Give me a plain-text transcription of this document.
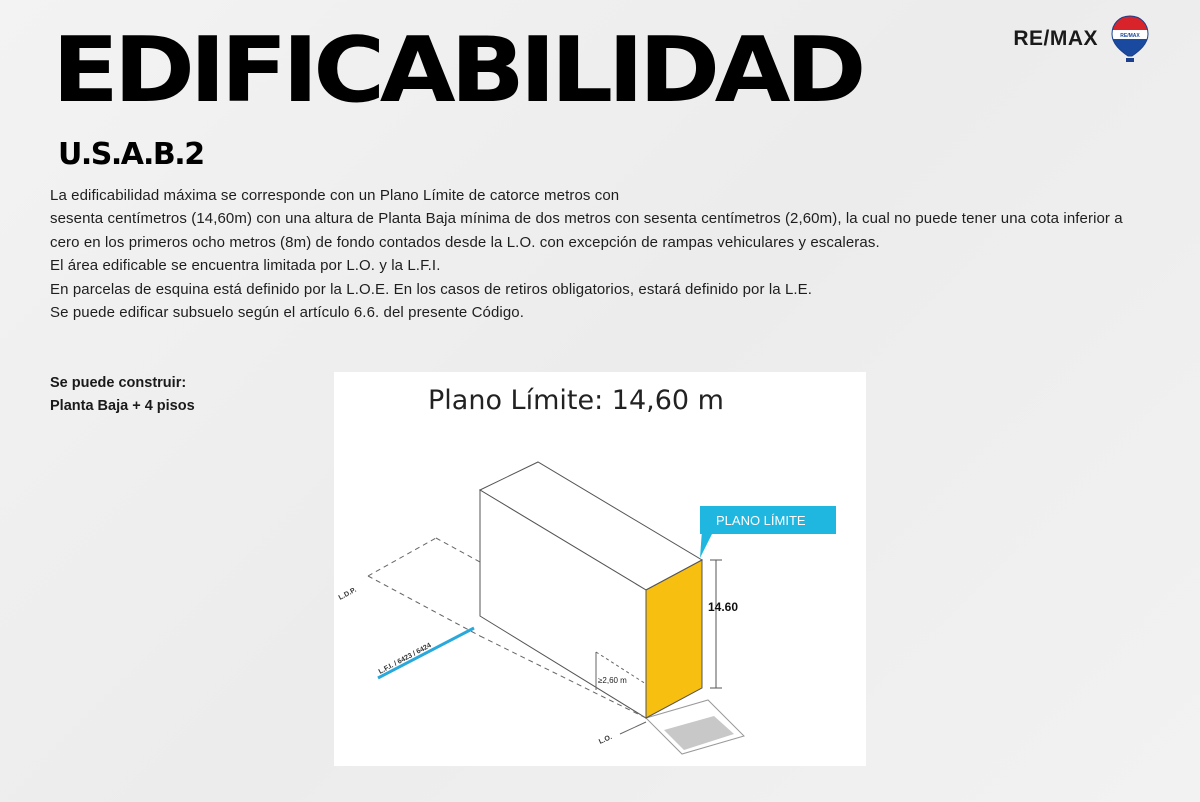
RE/MAX	RE/MAX
EDIFICABILIDAD
U.S.A.B.2

La edificabilidad máxima se corresponde con un Plano Límite de catorce metros con

sesenta centímetros (14,60m) con una altura de Planta Baja mínima de dos metros con sesenta centímetros (2,60m), la cual no puede tener una cota inferior a cero en los primeros ocho metros (8m) de fondo contados desde la L.O. con excepción de rampas vehiculares y escaleras.

El área edificable se encuentra limitada por L.O. y la L.F.I.

En parcelas de esquina está definido por la L.O.E. En los casos de retiros obligatorios, estará definido por la L.E.

Se puede edificar subsuelo según el artículo 6.6. del presente Código.

Se puede construir:

Planta Baja + 4 pisos	Plano Límite: 14,60 m
≥2,60 m
L.D.P.
L.F.I. / 6423 / 6424
L.O.
14.60
PLANO LÍMITE
